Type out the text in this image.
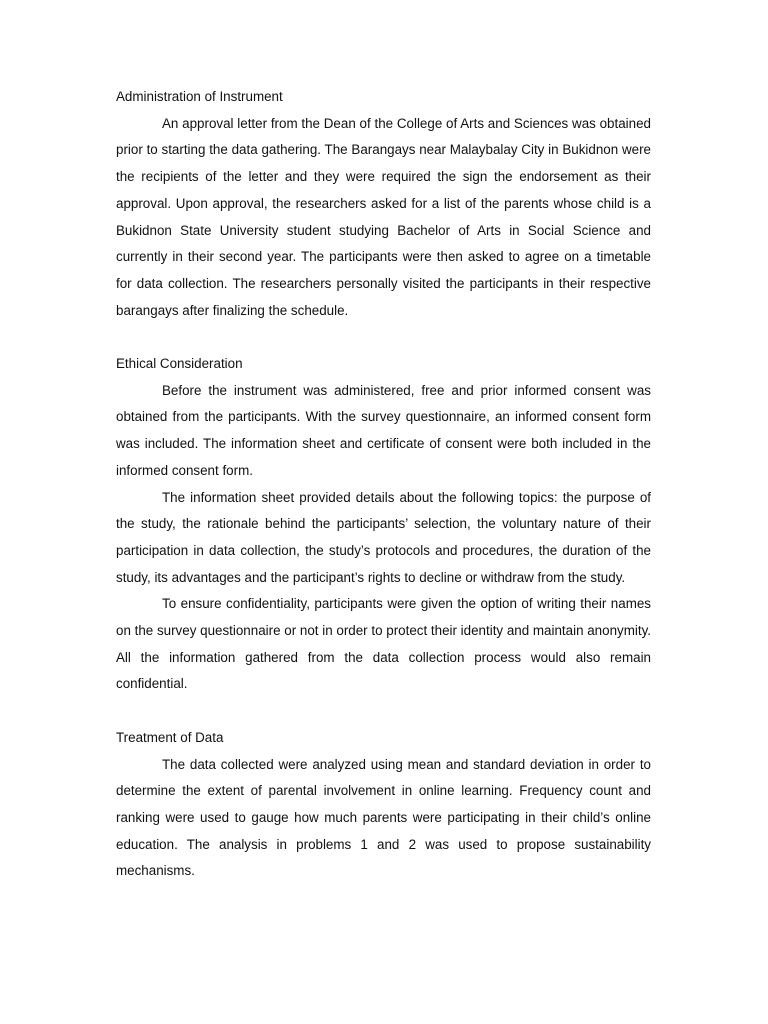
Administration of Instrument

An approval letter from the Dean of the College of Arts and Sciences was obtained prior to starting the data gathering. The Barangays near Malaybalay City in Bukidnon were the recipients of the letter and they were required the sign the endorsement as their approval. Upon approval, the researchers asked for a list of the parents whose child is a Bukidnon State University student studying Bachelor of Arts in Social Science and currently in their second year. The participants were then asked to agree on a timetable for data collection. The researchers personally visited the participants in their respective barangays after finalizing the schedule.

Ethical Consideration

Before the instrument was administered, free and prior informed consent was obtained from the participants. With the survey questionnaire, an informed consent form was included. The information sheet and certificate of consent were both included in the informed consent form.

The information sheet provided details about the following topics: the purpose of the study, the rationale behind the participants’ selection, the voluntary nature of their participation in data collection, the study’s protocols and procedures, the duration of the study, its advantages and the participant’s rights to decline or withdraw from the study.

To ensure confidentiality, participants were given the option of writing their names on the survey questionnaire or not in order to protect their identity and maintain anonymity. All the information gathered from the data collection process would also remain confidential.

Treatment of Data

The data collected were analyzed using mean and standard deviation in order to determine the extent of parental involvement in online learning. Frequency count and ranking were used to gauge how much parents were participating in their child’s online education. The analysis in problems 1 and 2 was used to propose sustainability mechanisms.
